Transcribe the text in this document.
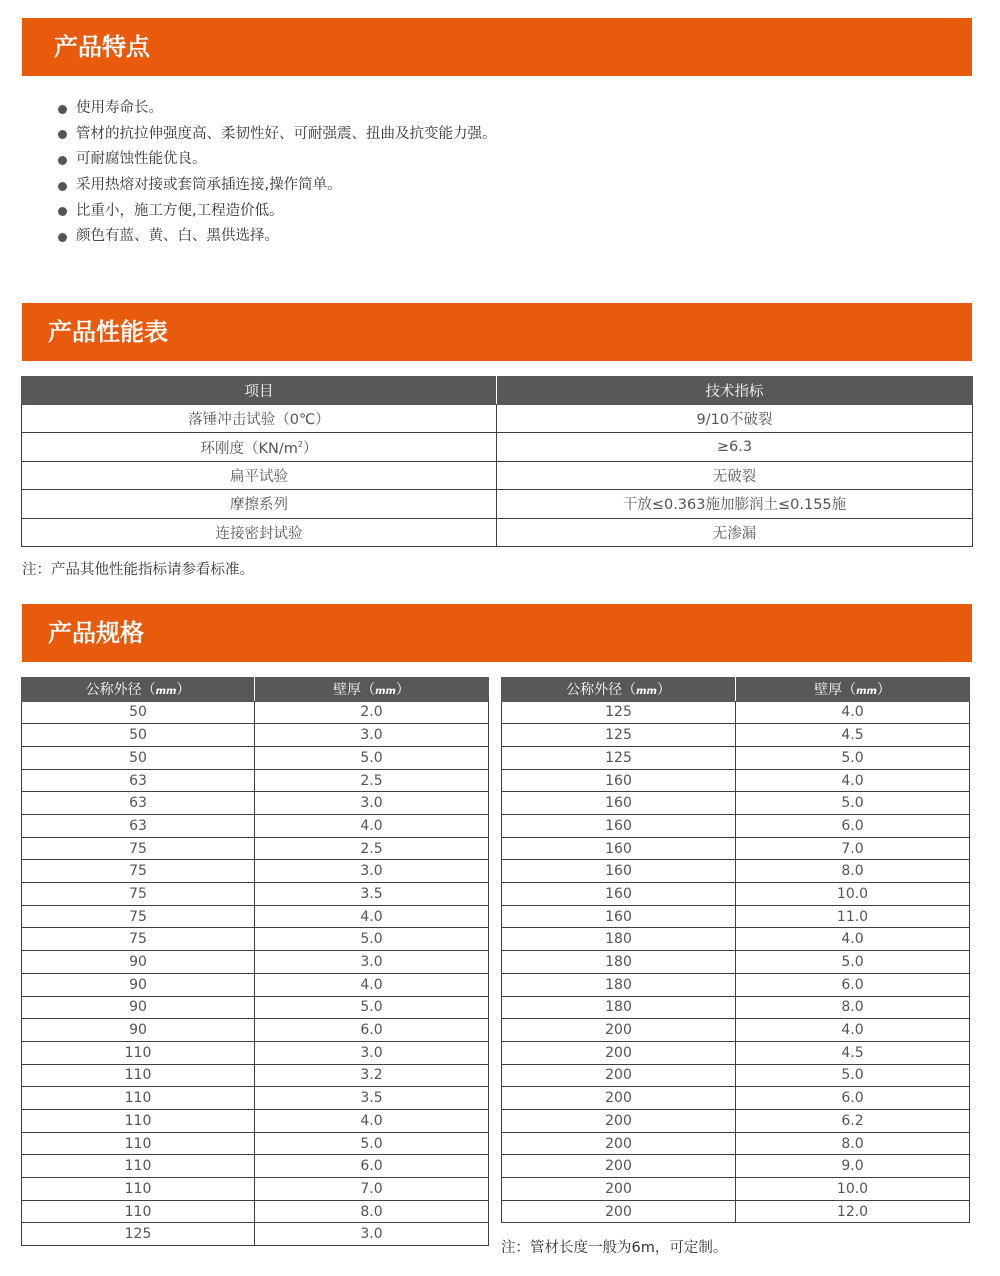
产品特点
使用寿命长。
管材的抗拉伸强度高、柔韧性好、可耐强震、扭曲及抗变能力强。
可耐腐蚀性能优良。
采用热熔对接或套筒承插连接,操作简单。
比重小，施工方便,工程造价低。
颜色有蓝、黄、白、黑供选择。
产品性能表
项目	技术指标
落锤冲击试验（0℃）	9/10不破裂
环刚度$(KN/m^2)$	≥6.3
扁平试验	无破裂
摩擦系列	干放≤0.363施加膨润土≤0.155施
连接密封试验	无渗漏
注：产品其他性能指标请参看标准。
产品规格
公称外径（mm）	壁厚（mm）
50	2.0
50	3.0
50	5.0
63	2.5
63	3.0
63	4.0
75	2.5
75	3.0
75	3.5
75	4.0
75	5.0
90	3.0
90	4.0
90	5.0
90	6.0
110	3.0
110	3.2
110	3.5
110	4.0
110	5.0
110	6.0
110	7.0
110	8.0
125	3.0
公称外径（mm）	壁厚（mm）
125	4.0
125	4.5
125	5.0
160	4.0
160	5.0
160	6.0
160	7.0
160	8.0
160	10.0
160	11.0
180	4.0
180	5.0
180	6.0
180	8.0
200	4.0
200	4.5
200	5.0
200	6.0
200	6.2
200	8.0
200	9.0
200	10.0
200	12.0
注：管材长度一般为6m，可定制。
